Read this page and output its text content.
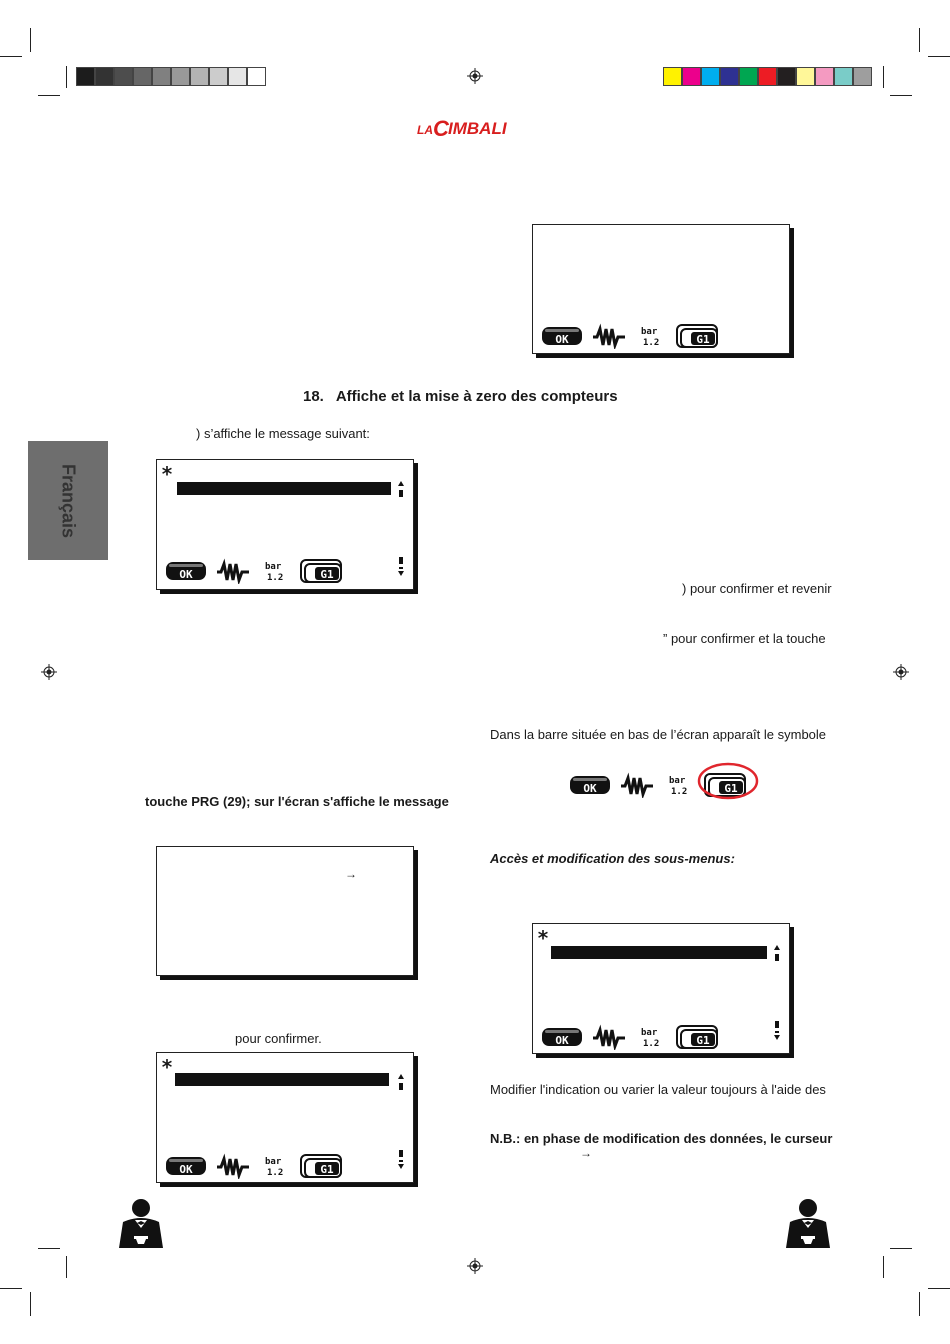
LA C IMBALI
Français
18. Affiche et la mise à zero des compteurs
OK
bar
1.2	G1
) s’affiche le message suivant:
*
OK
bar
1.2	G1
) pour confirmer et revenir
” pour confirmer et la touche
Dans la barre située en bas de l’écran apparaît le symbole
OK
bar
1.2	G1
touche PRG (29); sur l'écran s'affiche le message
Accès et modification des sous-menus:
→
*
OK
bar
1.2	G1
pour confirmer.
*
OK
bar
1.2	G1
Modifier l'indication ou varier la valeur toujours à l'aide des
N.B.: en phase de modification des données, le curseur
→
